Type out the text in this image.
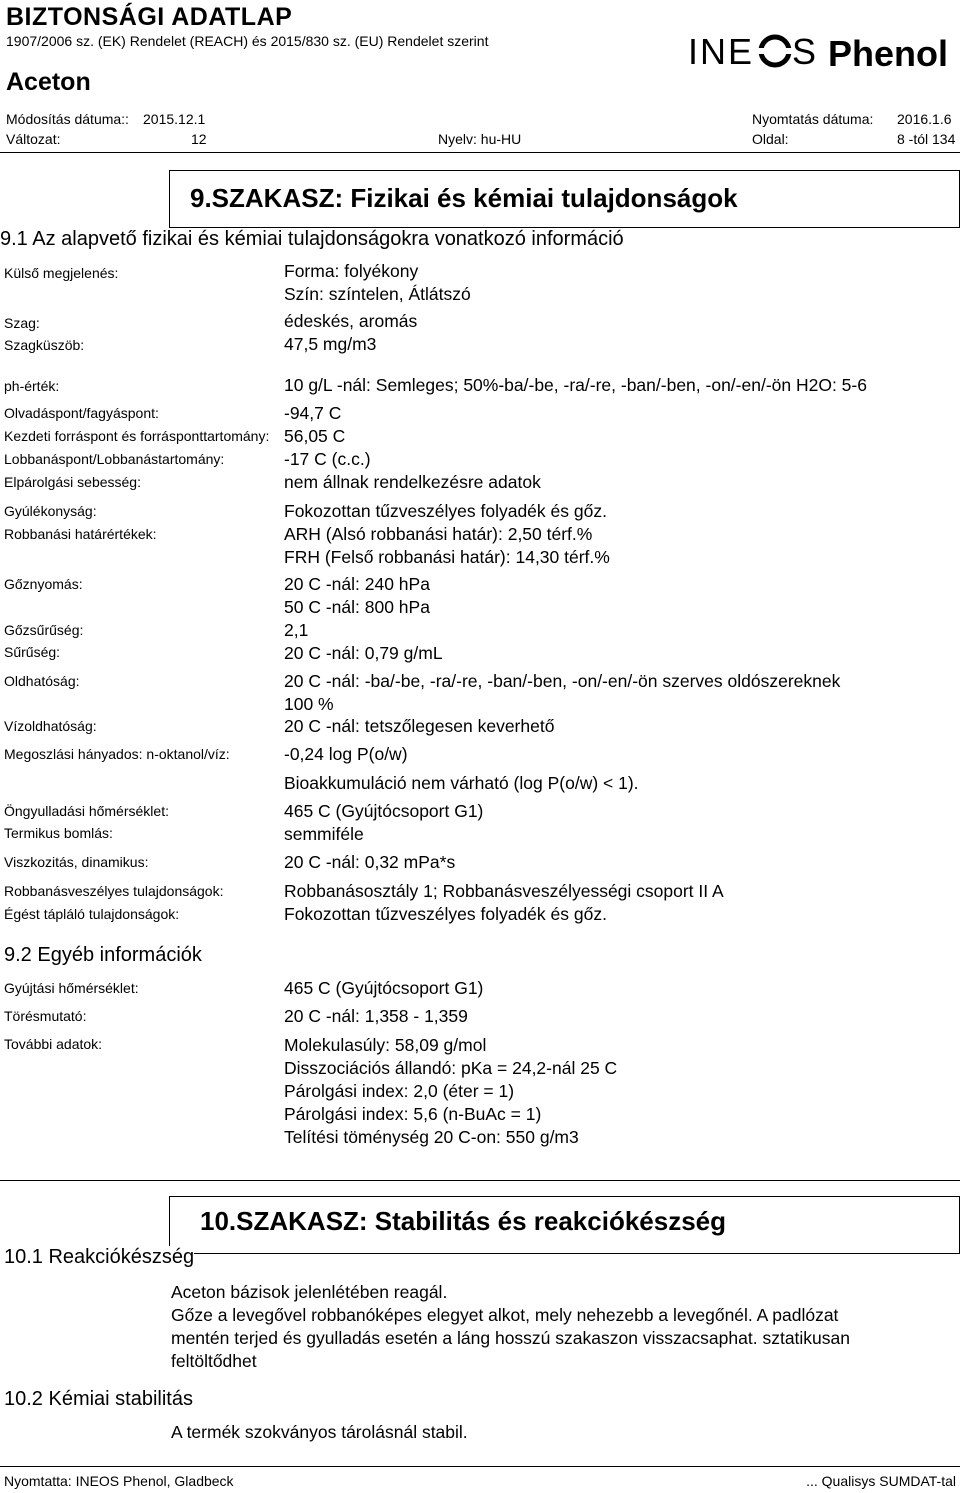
BIZTONSÁGI ADATLAP
1907/2006 sz. (EK) Rendelet (REACH) és 2015/830 sz. (EU) Rendelet szerint
Aceton
INE S Phenol
Módosítás dátuma:: 2015.12.1	Nyomtatás dátuma: 2016.1.6
Változat:	12	Nyelv: hu-HU	Oldal:	8 -tól 134
9.SZAKASZ: Fizikai és kémiai tulajdonságok
9.1 Az alapvető fizikai és kémiai tulajdonságokra vonatkozó információ
Külső megjelenés:	Forma: folyékony
Szín: színtelen, Átlátszó
Szag:	édeskés, aromás
Szagküszöb:	47,5 mg/m3
ph-érték:	10 g/L -nál: Semleges; 50%-ba/-be, -ra/-re, -ban/-ben, -on/-en/-ön H2O: 5-6
Olvadáspont/fagyáspont:	-94,7 C
Kezdeti forráspont és forrásponttartomány: 56,05 C
Lobbanáspont/Lobbanástartomány:	-17 C (c.c.)
Elpárolgási sebesség:	nem állnak rendelkezésre adatok
Gyúlékonyság:	Fokozottan tűzveszélyes folyadék és gőz.
Robbanási határértékek:	ARH (Alsó robbanási határ): 2,50 térf.%
FRH (Felső robbanási határ): 14,30 térf.%
Gőznyomás:	20 C -nál: 240 hPa
50 C -nál: 800 hPa
Gőzsűrűség:	2,1
Sűrűség:	20 C -nál: 0,79 g/mL
Oldhatóság:	20 C -nál: -ba/-be, -ra/-re, -ban/-ben, -on/-en/-ön szerves oldószereknek
100 %
Vízoldhatóság:	20 C -nál: tetszőlegesen keverhető
Megoszlási hányados: n-oktanol/víz:	-0,24 log P(o/w)
Bioakkumuláció nem várható (log P(o/w) < 1).
Öngyulladási hőmérséklet:	465 C (Gyújtócsoport G1)
Termikus bomlás:	semmiféle
Viszkozitás, dinamikus:	20 C -nál: 0,32 mPa*s
Robbanásveszélyes tulajdonságok:	Robbanásosztály 1; Robbanásveszélyességi csoport II A
Égést tápláló tulajdonságok:	Fokozottan tűzveszélyes folyadék és gőz.
9.2 Egyéb információk
Gyújtási hőmérséklet:	465 C (Gyújtócsoport G1)
Törésmutató:	20 C -nál: 1,358 - 1,359
További adatok:	Molekulasúly: 58,09 g/mol
Disszociációs állandó: pKa = 24,2-nál 25 C
Párolgási index: 2,0 (éter = 1)
Párolgási index: 5,6 (n-BuAc = 1)
Telítési töménység 20 C-on: 550 g/m3
10.SZAKASZ: Stabilitás és reakciókészség
10.1 Reakciókészség
Aceton bázisok jelenlétében reagál.
Gőze a levegővel robbanóképes elegyet alkot, mely nehezebb a levegőnél. A padlózat
mentén terjed és gyulladás esetén a láng hosszú szakaszon visszacsaphat. sztatikusan
feltöltődhet
10.2 Kémiai stabilitás
A termék szokványos tárolásnál stabil.
Nyomtatta: INEOS Phenol, Gladbeck	... Qualisys SUMDAT-tal
